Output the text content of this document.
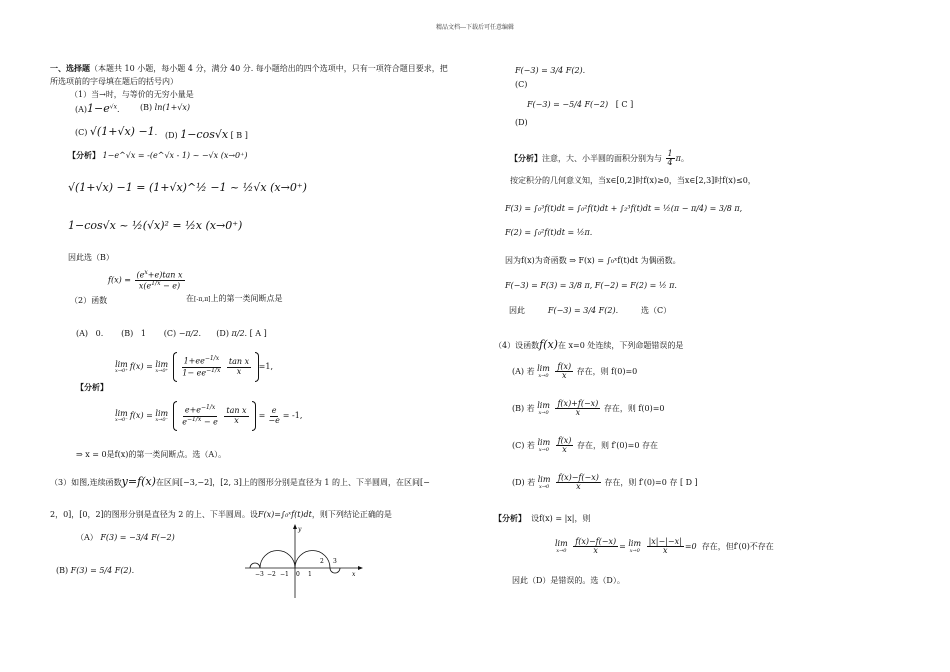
精品文档---下载后可任意编辑
一、选择题（本题共 10 小题，每小题 4 分，满分 40 分. 每小题给出的四个选项中，只有一项符合题目要求，把
所选项前的字母填在题后的括号内）
（1）当→时，与等价的无穷小量是
$(A)1-e^{√x}$.	(B) ln(1+√x)
(C) √(1+√x) −1. (D) 1−cos√x [ B ]
【分析】 1−e^√x = -(e^√x - 1) ~ −√x (x→0⁺)
√(1+√x) −1 = (1+√x)^½ −1 ~ ½√x (x→0⁺)
1−cos√x ~ ½(√x)² = ½x (x→0⁺)
因此选（B）
$f(x) = \frac{(e^x+e)\tan x}{x(e^{1/x} - e)}$
（2）函数	在[-π,π]上的第一类间断点是
(A) 0. (B) 1 (C) −π/2.      (D) π/2. [ A ]
lim
x→0⁺ f(x) = lim
x→0⁺
$\frac{1+ee^{-1/x}}{1- ee^{-1/x}}$
$\frac{\text{tan x}}{x} =1$,
【分析】
lim
x→0⁻ f(x) = lim
x→0⁻
$\frac{e+e^{-1/x}}{e^{-1/x} - e}$
$\frac{\text{tan x}}{x} = \frac{e}{-e} = -1$,
⇒ x = 0是f(x)的第一类间断点。选（A）。
（3）如图,连续函数y=f(x)在区间[−3,−2]，[2, 3]上的图形分别是直径为 1 的上、下半圆周，在区间[−
2，0]，[0，2]的图形分别是直径为 2 的上、下半圆周。设F(x)=∫₀ˣf(t)dt，则下列结论正确的是
（A） F(3) = −3/4 F(−2)
(B) F(3) = 5/4 F(2).
y
x
−3 −2 −1 0 1
2 3
F(−3) = 3/4 F(2).
(C)
F(−3) = −5/4 F(−2) [ C ]
(D)
【分析】注意，大、小半圆的面积分别为与 $\frac{1}{4}$ π。
按定积分的几何意义知，当x∈[0,2]时f(x)≥0，当x∈[2,3]时f(x)≤0，
F(3) = ∫₀³f(t)dt = ∫₀²f(t)dt + ∫₂³f(t)dt = ½(π − π/4) = 3/8 π,
F(2) = ∫₀²f(t)dt = ½π.
因为f(x)为奇函数 ⇒ F(x) = ∫₀ˣf(t)dt 为偶函数。
F(−3) = F(3) = 3/8 π, F(−2) = F(2) = ½ π.
因此	F(−3) = 3/4 F(2).	选（C）
（4）设函数f(x)在 x=0 处连续，下列命题错误的是
(A) 若 lim
x→0
$\frac{f(x)}{x}$ 存在，则 f(0)=0
(B) 若 lim
x→0
$\frac{f(x)+f(-x)}{x}$ 存在，则 f(0)=0
(C) 若 lim
x→0
$\frac{f(x)}{x}$ 存在，则 f′(0)=0 存在
(D) 若 lim
x→0
$\frac{f(x)-f(-x)}{x}$ 存在，则 f′(0)=0 存 [ D ]
【分析】 设f(x) = |x|，则
lim
x→0
$\frac{f(x)-f(-x)}{x} = \lim$
x→0
$\frac{|x|-|-x|}{x} =0$ 存在，但f′(0)不存在
因此（D）是错误的。选（D）。
